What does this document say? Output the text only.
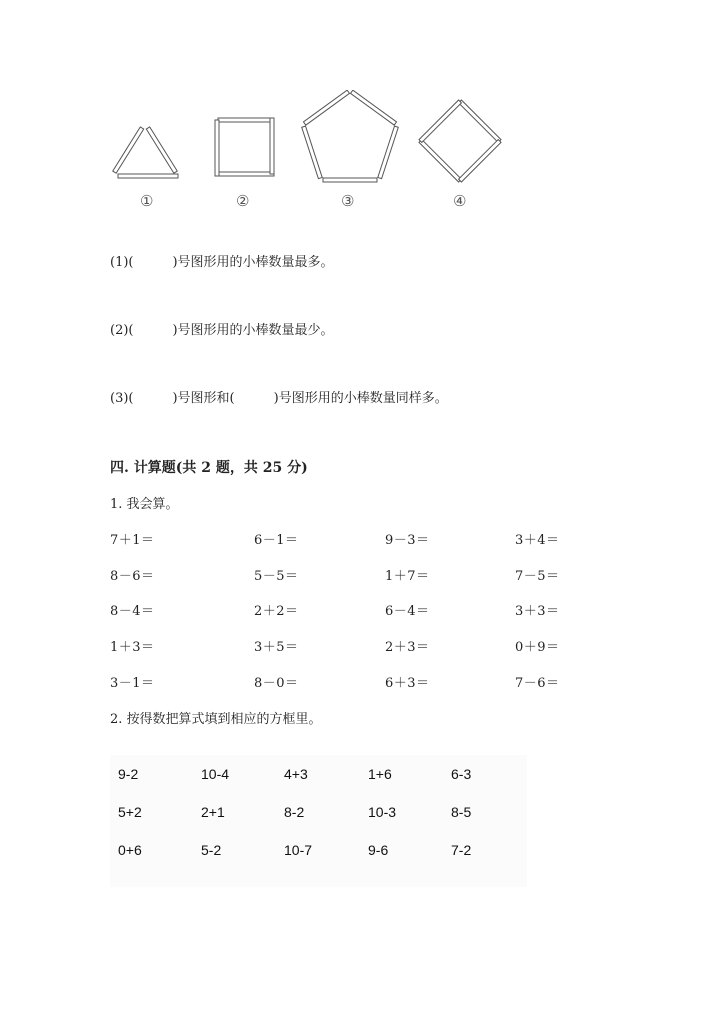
①	②	③	④
(1)(　　　)号图形用的小棒数量最多。
(2)(　　　)号图形用的小棒数量最少。
(3)(　　　)号图形和(　　　)号图形用的小棒数量同样多。
四. 计算题(共 2 题，共 25 分)
1. 我会算。
7＋1＝	6－1＝	9－3＝	3＋4＝
8－6＝	5－5＝	1＋7＝	7－5＝
8－4＝	2＋2＝	6－4＝	3＋3＝
1＋3＝	3＋5＝	2＋3＝	0＋9＝
3－1＝	8－0＝	6＋3＝	7－6＝
2. 按得数把算式填到相应的方框里。
9-2	10-4	4+3	1+6	6-3
5+2	2+1	8-2	10-3	8-5
0+6	5-2	10-7	9-6	7-2
